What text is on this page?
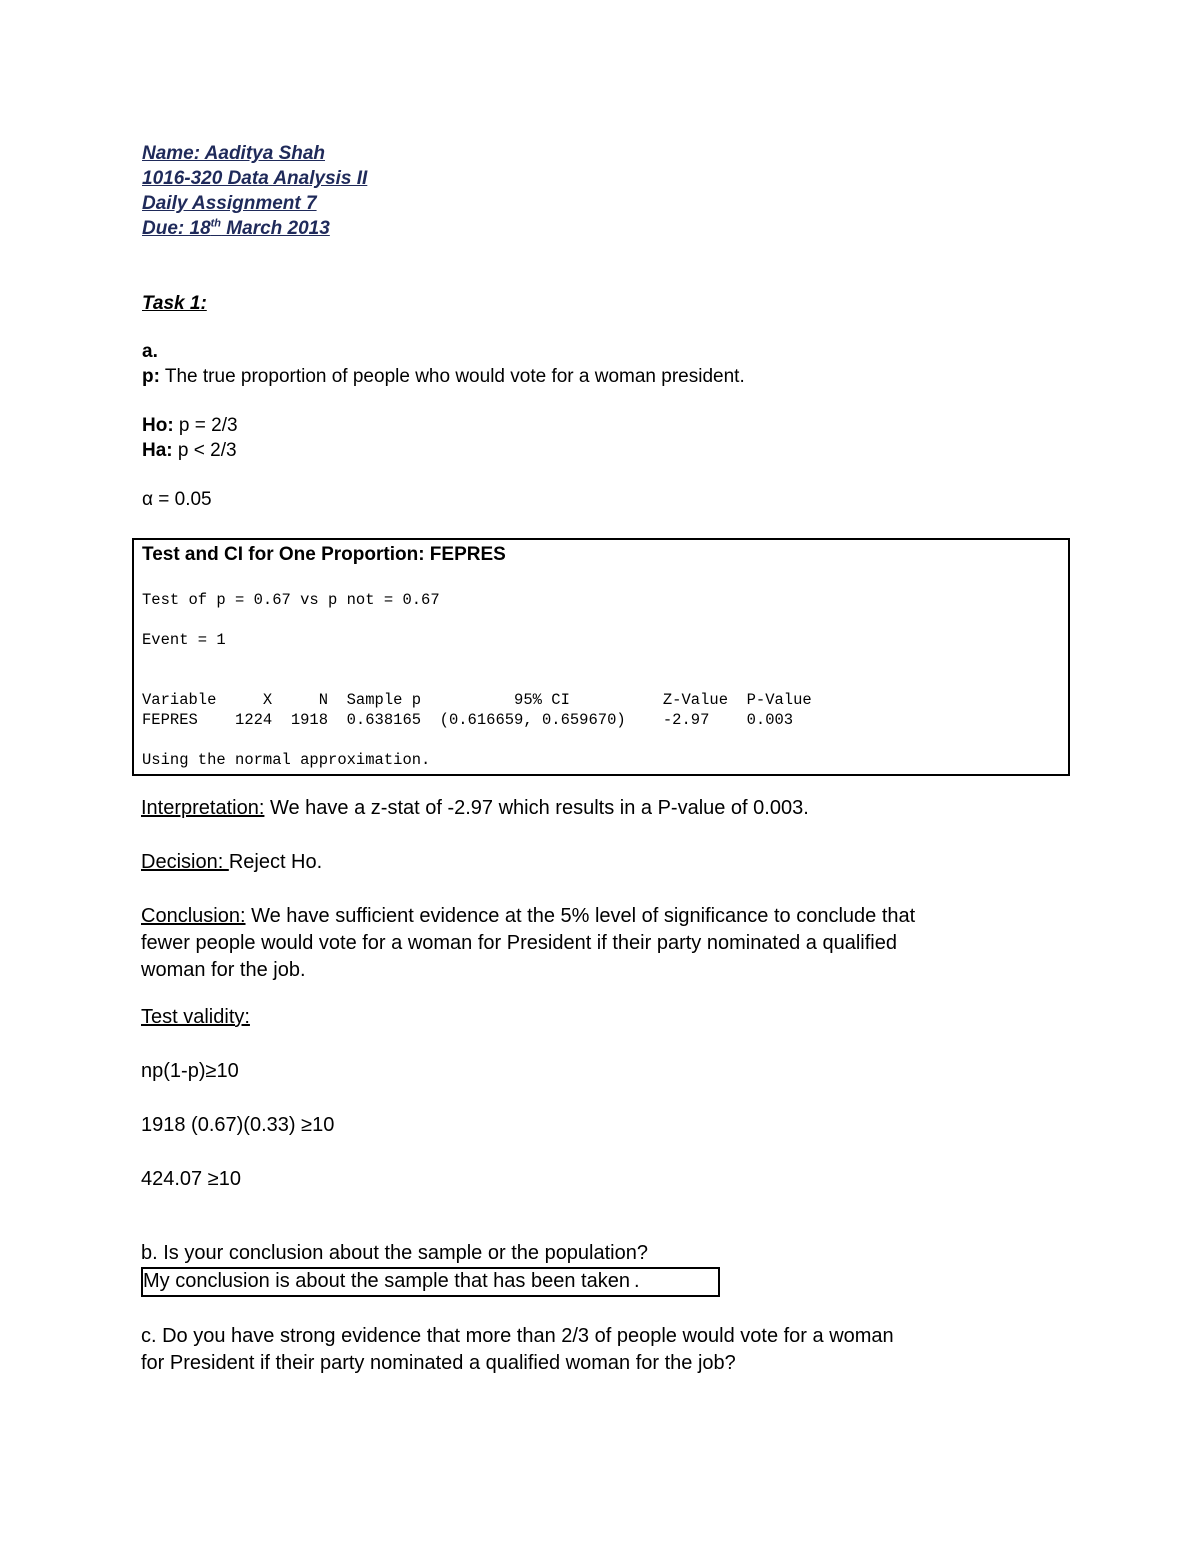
Name: Aaditya Shah
1016-320 Data Analysis II
Daily Assignment 7
Due: 18th March 2013
Task 1:
a.
p: The true proportion of people who would vote for a woman president.
Ho: p = 2/3
Ha: p < 2/3
α = 0.05
Test and CI for One Proportion: FEPRES
Test of p = 0.67 vs p not = 0.67
Event = 1
Variable     X     N  Sample p          95% CI          Z-Value  P-Value
FEPRES    1224  1918  0.638165  (0.616659, 0.659670)    -2.97    0.003
Using the normal approximation.
Interpretation: We have a z-stat of -2.97 which results in a P-value of 0.003.
Decision: Reject Ho.
Conclusion: We have sufficient evidence at the 5% level of significance to conclude that
fewer people would vote for a woman for President if their party nominated a qualified
woman for the job.
Test validity:
np(1-p)≥10
1918 (0.67)(0.33) ≥10
424.07 ≥10
b. Is your conclusion about the sample or the population?
My conclusion is about the sample that has been taken .
c. Do you have strong evidence that more than 2/3 of people would vote for a woman
for President if their party nominated a qualified woman for the job?
